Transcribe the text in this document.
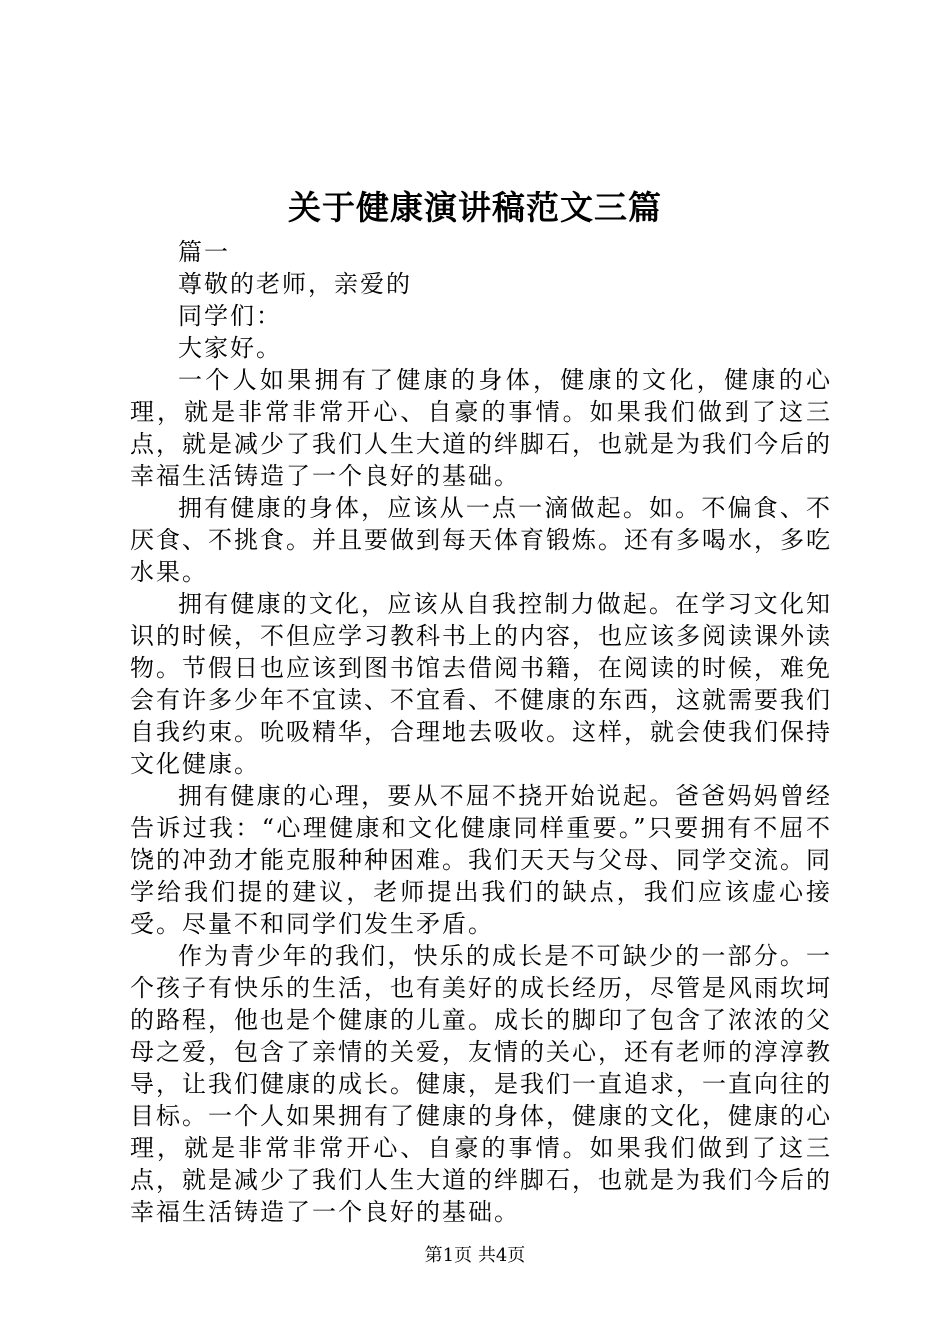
关于健康演讲稿范文三篇

篇一

尊敬的老师，亲爱的

同学们：

大家好。

一个人如果拥有了健康的身体，健康的文化，健康的心理，就是非常非常开心、自豪的事情。如果我们做到了这三点，就是减少了我们人生大道的绊脚石，也就是为我们今后的幸福生活铸造了一个良好的基础。

拥有健康的身体，应该从一点一滴做起。如。不偏食、不厌食、不挑食。并且要做到每天体育锻炼。还有多喝水，多吃水果。

拥有健康的文化，应该从自我控制力做起。在学习文化知识的时候，不但应学习教科书上的内容，也应该多阅读课外读物。节假日也应该到图书馆去借阅书籍，在阅读的时候，难免会有许多少年不宜读、不宜看、不健康的东西，这就需要我们自我约束。吮吸精华，合理地去吸收。这样，就会使我们保持文化健康。

拥有健康的心理，要从不屈不挠开始说起。爸爸妈妈曾经告诉过我：“心理健康和文化健康同样重要。”只要拥有不屈不饶的冲劲才能克服种种困难。我们天天与父母、同学交流。同学给我们提的建议，老师提出我们的缺点，我们应该虚心接受。尽量不和同学们发生矛盾。

作为青少年的我们，快乐的成长是不可缺少的一部分。一个孩子有快乐的生活，也有美好的成长经历，尽管是风雨坎坷的路程，他也是个健康的儿童。成长的脚印了包含了浓浓的父母之爱，包含了亲情的关爱，友情的关心，还有老师的淳淳教导，让我们健康的成长。健康，是我们一直追求，一直向往的目标。一个人如果拥有了健康的身体，健康的文化，健康的心理，就是非常非常开心、自豪的事情。如果我们做到了这三点，就是减少了我们人生大道的绊脚石，也就是为我们今后的幸福生活铸造了一个良好的基础。

第1页 共4页
